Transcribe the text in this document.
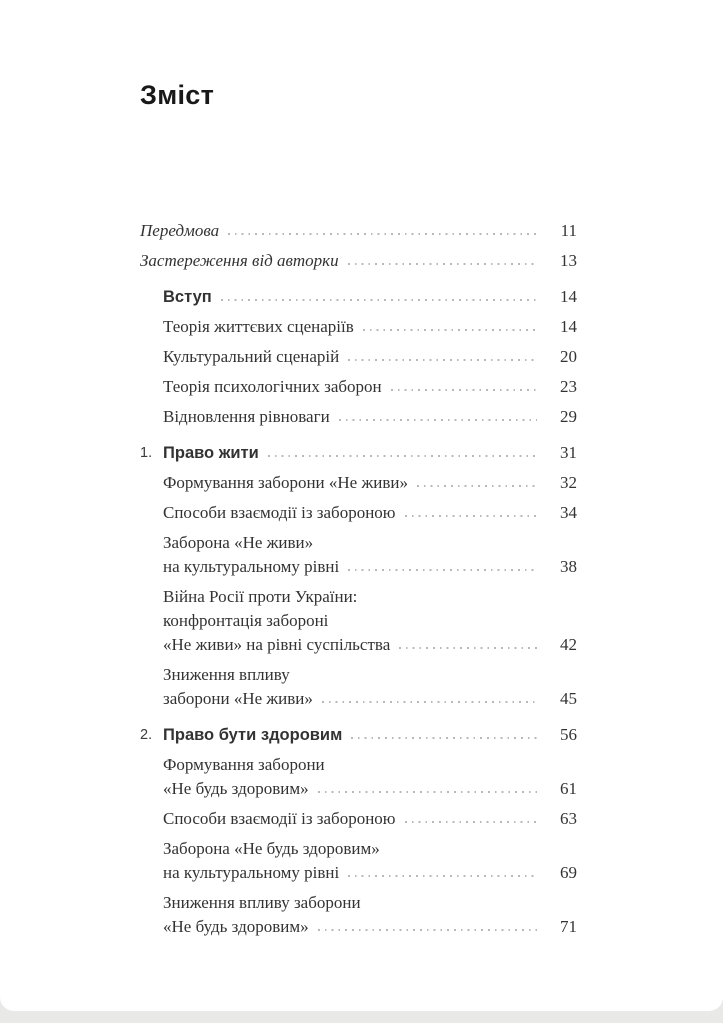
Зміст
Передмова	11
Застереження від авторки	13
Вступ	14
Теорія життєвих сценаріїв	14
Культуральний сценарій	20
Теорія психологічних заборон	23
Відновлення рівноваги	29
1. Право жити	31
Формування заборони «Не живи»	32
Способи взаємодії із забороною	34
Заборона «Не живи»
на культуральному рівні	38
Війна Росії проти України:
конфронтація забороні
«Не живи» на рівні суспільства	42
Зниження впливу
заборони «Не живи»	45
2. Право бути здоровим	56
Формування заборони
«Не будь здоровим»	61
Способи взаємодії із забороною	63
Заборона «Не будь здоровим»
на культуральному рівні	69
Зниження впливу заборони
«Не будь здоровим»	71
